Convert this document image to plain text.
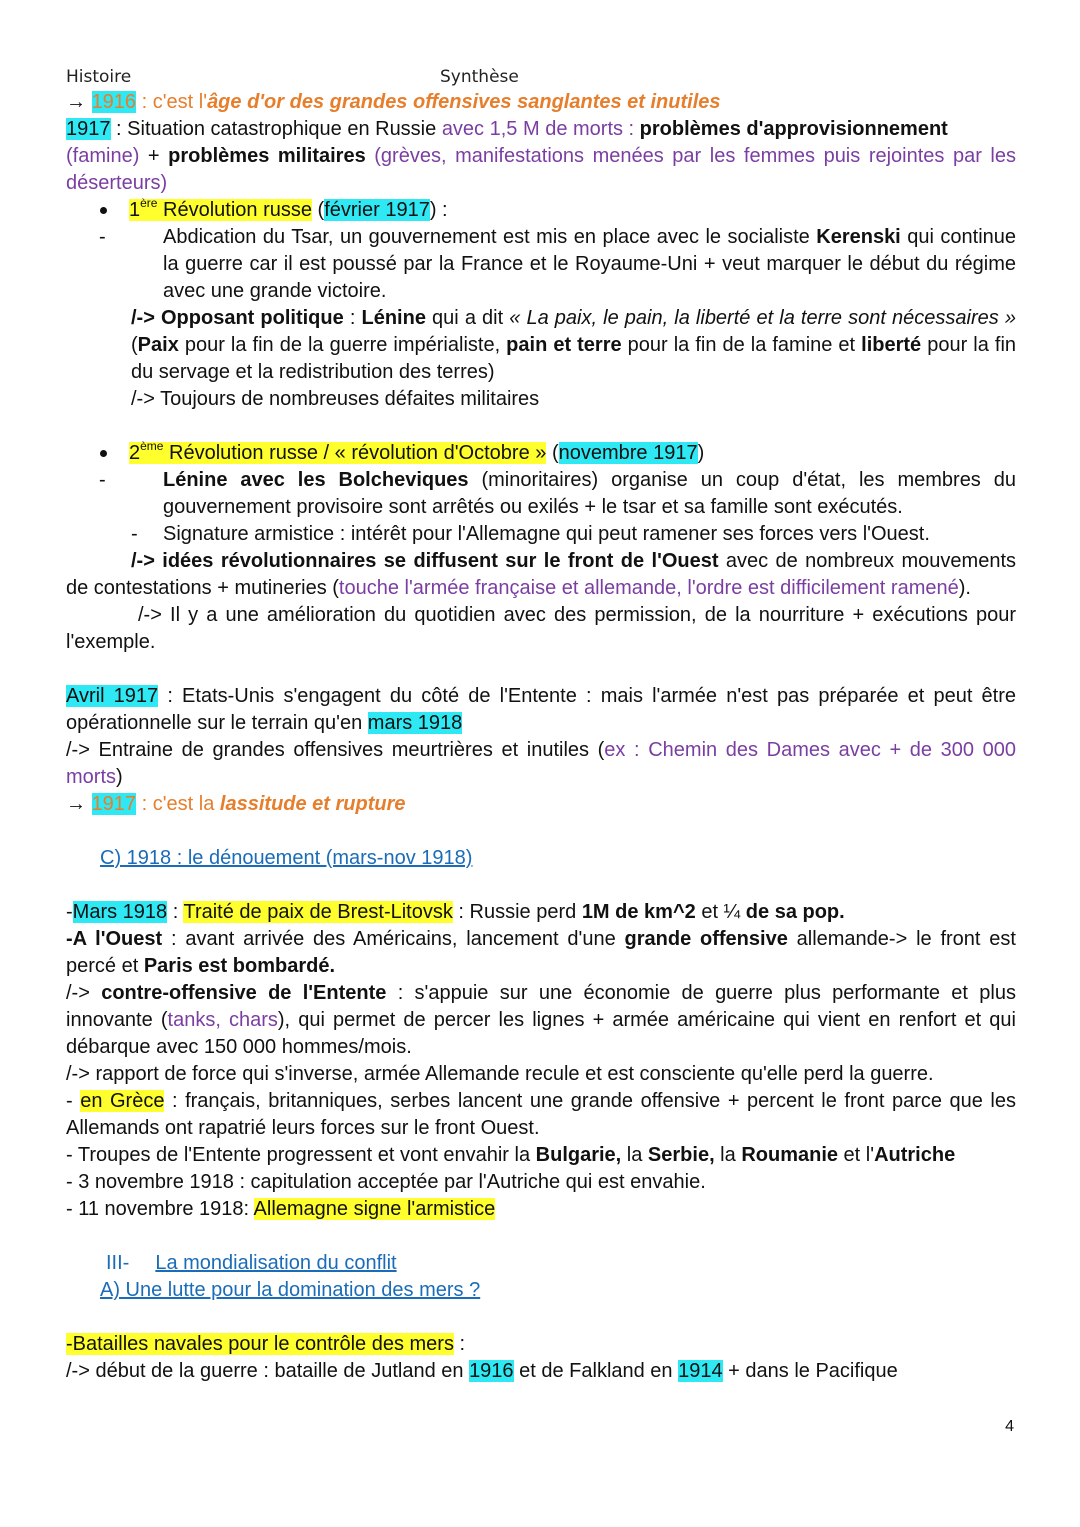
Histoire	Synthèse
→ 1916 : c'est l'âge d'or des grandes offensives sanglantes et inutiles
1917 : Situation catastrophique en Russie avec 1,5 M de morts : problèmes d'approvisionnement
(famine) + problèmes militaires (grèves, manifestations menées par les femmes puis rejointes par les déserteurs)
1ère Révolution russe (février 1917) :
-	Abdication du Tsar, un gouvernement est mis en place avec le socialiste Kerenski qui continue la guerre car il est poussé par la France et le Royaume-Uni + veut marquer le début du régime avec une grande victoire.
/-> Opposant politique : Lénine qui a dit « La paix, le pain, la liberté et la terre sont nécessaires » (Paix pour la fin de la guerre impérialiste, pain et terre pour la fin de la famine et liberté pour la fin du servage et la redistribution des terres)
/-> Toujours de nombreuses défaites militaires
2ème Révolution russe / « révolution d'Octobre » (novembre 1917)
-	Lénine avec les Bolcheviques (minoritaires) organise un coup d'état, les membres du gouvernement provisoire sont arrêtés ou exilés + le tsar et sa famille sont exécutés.
- Signature armistice : intérêt pour l'Allemagne qui peut ramener ses forces vers l'Ouest.
/-> idées révolutionnaires se diffusent sur le front de l'Ouest avec de nombreux mouvements de contestations + mutineries (touche l'armée française et allemande, l'ordre est difficilement ramené).
/-> Il y a une amélioration du quotidien avec des permission, de la nourriture + exécutions pour l'exemple.
Avril 1917 : Etats-Unis s'engagent du côté de l'Entente : mais l'armée n'est pas préparée et peut être opérationnelle sur le terrain qu'en mars 1918
/-> Entraine de grandes offensives meurtrières et inutiles (ex : Chemin des Dames avec + de 300 000 morts)
→ 1917 : c'est la lassitude et rupture
C) 1918 : le dénouement (mars-nov 1918)
-Mars 1918 : Traité de paix de Brest-Litovsk : Russie perd 1M de km^2 et ¼ de sa pop.
-A l'Ouest : avant arrivée des Américains, lancement d'une grande offensive allemande-> le front est percé et Paris est bombardé.
/-> contre-offensive de l'Entente : s'appuie sur une économie de guerre plus performante et plus innovante (tanks, chars), qui permet de percer les lignes + armée américaine qui vient en renfort et qui débarque avec 150 000 hommes/mois.
/-> rapport de force qui s'inverse, armée Allemande recule et est consciente qu'elle perd la guerre.
- en Grèce : français, britanniques, serbes lancent une grande offensive + percent le front parce que les Allemands ont rapatrié leurs forces sur le front Ouest.
- Troupes de l'Entente progressent et vont envahir la Bulgarie, la Serbie, la Roumanie et l'Autriche
- 3 novembre 1918 : capitulation acceptée par l'Autriche qui est envahie.
- 11 novembre 1918: Allemagne signe l'armistice
III- La mondialisation du conflit
A) Une lutte pour la domination des mers ?
-Batailles navales pour le contrôle des mers :
/-> début de la guerre : bataille de Jutland en 1916 et de Falkland en 1914 + dans le Pacifique
4
